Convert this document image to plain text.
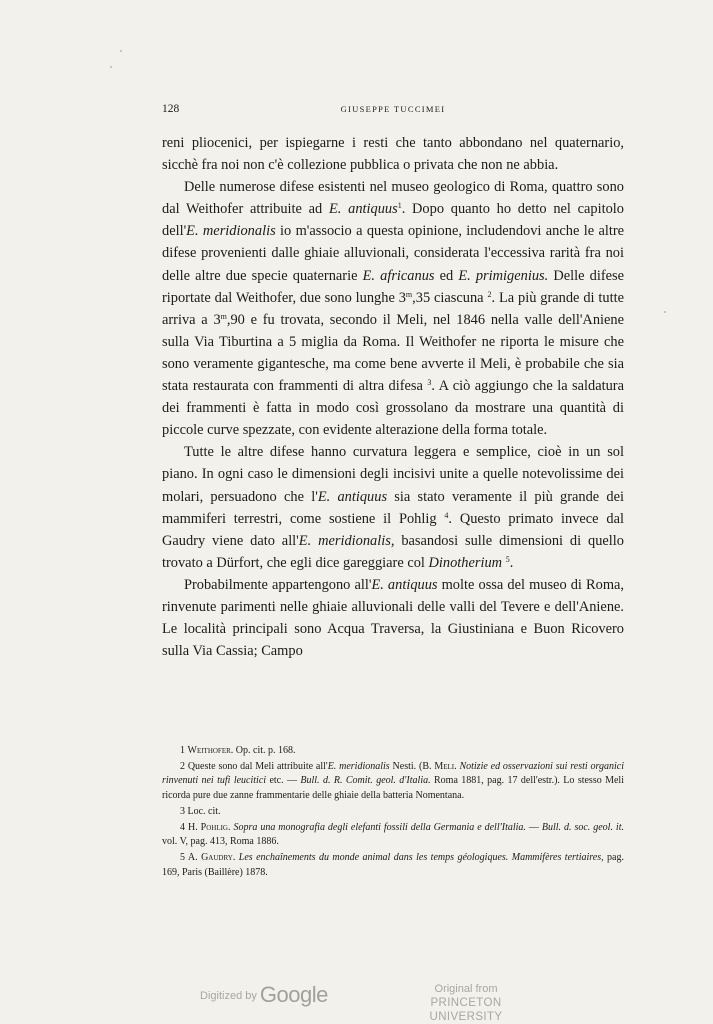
128	GIUSEPPE TUCCIMEI

reni pliocenici, per ispiegarne i resti che tanto abbondano nel quaternario, sicchè fra noi non c'è collezione pubblica o privata che non ne abbia.

Delle numerose difese esistenti nel museo geologico di Roma, quattro sono dal Weithofer attribuite ad E. antiquus$^1$. Dopo quanto ho detto nel capitolo dell'E. meridionalis io m'associo a questa opinione, includendovi anche le altre difese provenienti dalle ghiaie alluvionali, considerata l'eccessiva rarità fra noi delle altre due specie quaternarie E. africanus ed E. primigenius. Delle difese riportate dal Weithofer, due sono lunghe 3$^m$,35 ciascuna $^2$. La più grande di tutte arriva a 3$^m$,90 e fu trovata, secondo il Meli, nel 1846 nella valle dell'Aniene sulla Via Tiburtina a 5 miglia da Roma. Il Weithofer ne riporta le misure che sono veramente gigantesche, ma come bene avverte il Meli, è probabile che sia stata restaurata con frammenti di altra difesa $^3$. A ciò aggiungo che la saldatura dei frammenti è fatta in modo così grossolano da mostrare una quantità di piccole curve spezzate, con evidente alterazione della forma totale.

Tutte le altre difese hanno curvatura leggera e semplice, cioè in un sol piano. In ogni caso le dimensioni degli incisivi unite a quelle notevolissime dei molari, persuadono che l'E. antiquus sia stato veramente il più grande dei mammiferi terrestri, come sostiene il Pohlig $^4$. Questo primato invece dal Gaudry viene dato all'E. meridionalis, basandosi sulle dimensioni di quello trovato a Dürfort, che egli dice gareggiare col Dinotherium $^5$.

Probabilmente appartengono all'E. antiquus molte ossa del museo di Roma, rinvenute parimenti nelle ghiaie alluvionali delle valli del Tevere e dell'Aniene. Le località principali sono Acqua Traversa, la Giustiniana e Buon Ricovero sulla Via Cassia; Campo

1 Weithofer. Op. cit. p. 168.

2 Queste sono dal Meli attribuite all'E. meridionalis Nesti. (B. Meli. Notizie ed osservazioni sui resti organici rinvenuti nei tufi leucitici etc. — Bull. d. R. Comit. geol. d'Italia. Roma 1881, pag. 17 dell'estr.). Lo stesso Meli ricorda pure due zanne frammentarie delle ghiaie della batteria Nomentana.

3 Loc. cit.

4 H. Pohlig. Sopra una monografia degli elefanti fossili della Germania e dell'Italia. — Bull. d. soc. geol. it. vol. V, pag. 413, Roma 1886.

5 A. Gaudry. Les enchaînements du monde animal dans les temps géologiques. Mammifères tertiaires, pag. 169, Paris (Baillère) 1878.

Digitized by Google	Original from
PRINCETON UNIVERSITY
